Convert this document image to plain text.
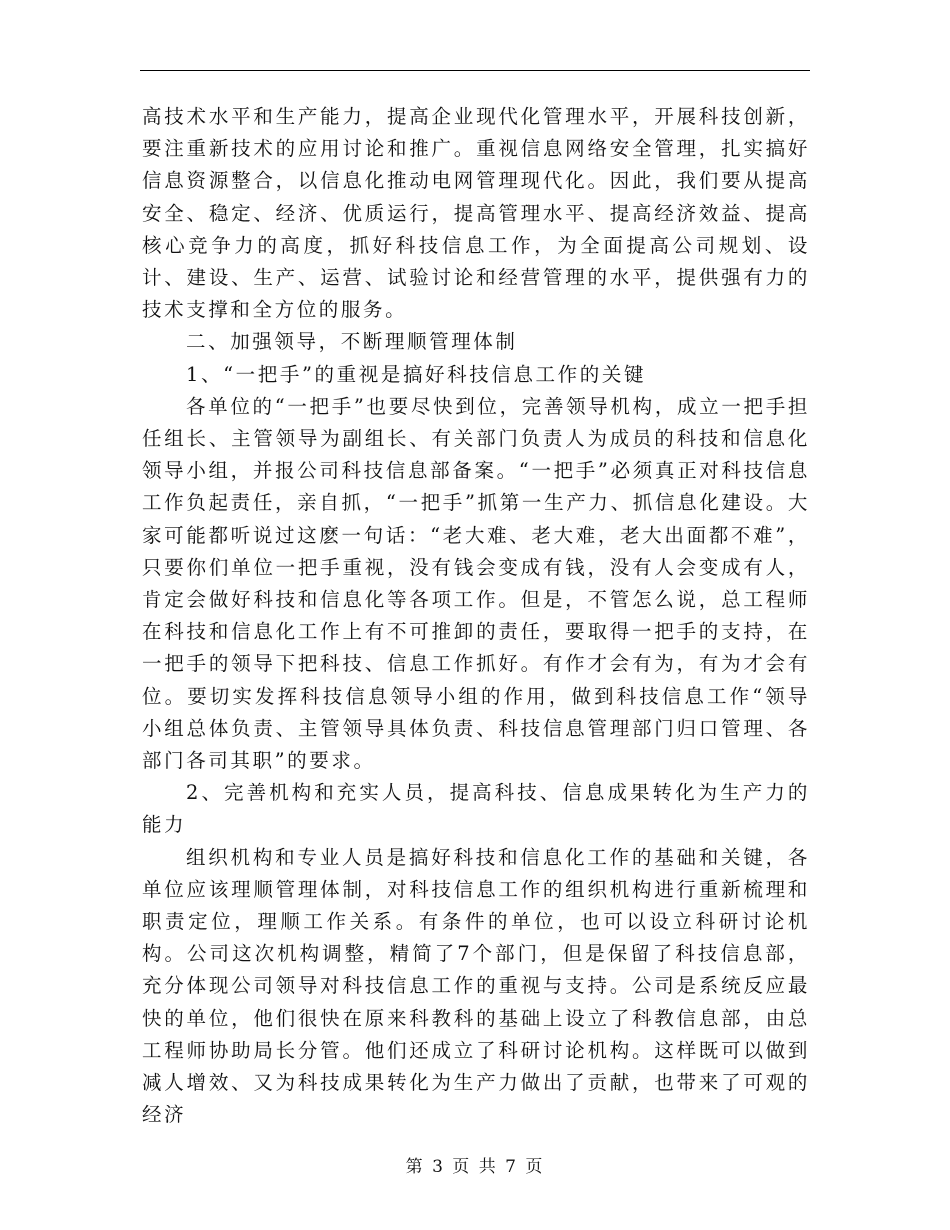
高技术水平和生产能力，提高企业现代化管理水平，开展科技创新，要注重新技术的应用讨论和推广。重视信息网络安全管理，扎实搞好信息资源整合，以信息化推动电网管理现代化。因此，我们要从提高安全、稳定、经济、优质运行，提高管理水平、提高经济效益、提高核心竞争力的高度，抓好科技信息工作，为全面提高公司规划、设计、建设、生产、运营、试验讨论和经营管理的水平，提供强有力的技术支撑和全方位的服务。

二、加强领导，不断理顺管理体制

1、“一把手”的重视是搞好科技信息工作的关键

各单位的“一把手”也要尽快到位，完善领导机构，成立一把手担任组长、主管领导为副组长、有关部门负责人为成员的科技和信息化领导小组，并报公司科技信息部备案。“一把手”必须真正对科技信息工作负起责任，亲自抓，“一把手”抓第一生产力、抓信息化建设。大家可能都听说过这麽一句话：“老大难、老大难，老大出面都不难”，只要你们单位一把手重视，没有钱会变成有钱，没有人会变成有人，肯定会做好科技和信息化等各项工作。但是，不管怎么说，总工程师在科技和信息化工作上有不可推卸的责任，要取得一把手的支持，在一把手的领导下把科技、信息工作抓好。有作才会有为，有为才会有位。要切实发挥科技信息领导小组的作用，做到科技信息工作“领导小组总体负责、主管领导具体负责、科技信息管理部门归口管理、各部门各司其职”的要求。

2、完善机构和充实人员，提高科技、信息成果转化为生产力的能力

组织机构和专业人员是搞好科技和信息化工作的基础和关键，各单位应该理顺管理体制，对科技信息工作的组织机构进行重新梳理和职责定位，理顺工作关系。有条件的单位，也可以设立科研讨论机构。公司这次机构调整，精简了7个部门，但是保留了科技信息部，充分体现公司领导对科技信息工作的重视与支持。公司是系统反应最快的单位，他们很快在原来科教科的基础上设立了科教信息部，由总工程师协助局长分管。他们还成立了科研讨论机构。这样既可以做到减人增效、又为科技成果转化为生产力做出了贡献，也带来了可观的经济

第 3 页 共 7 页
